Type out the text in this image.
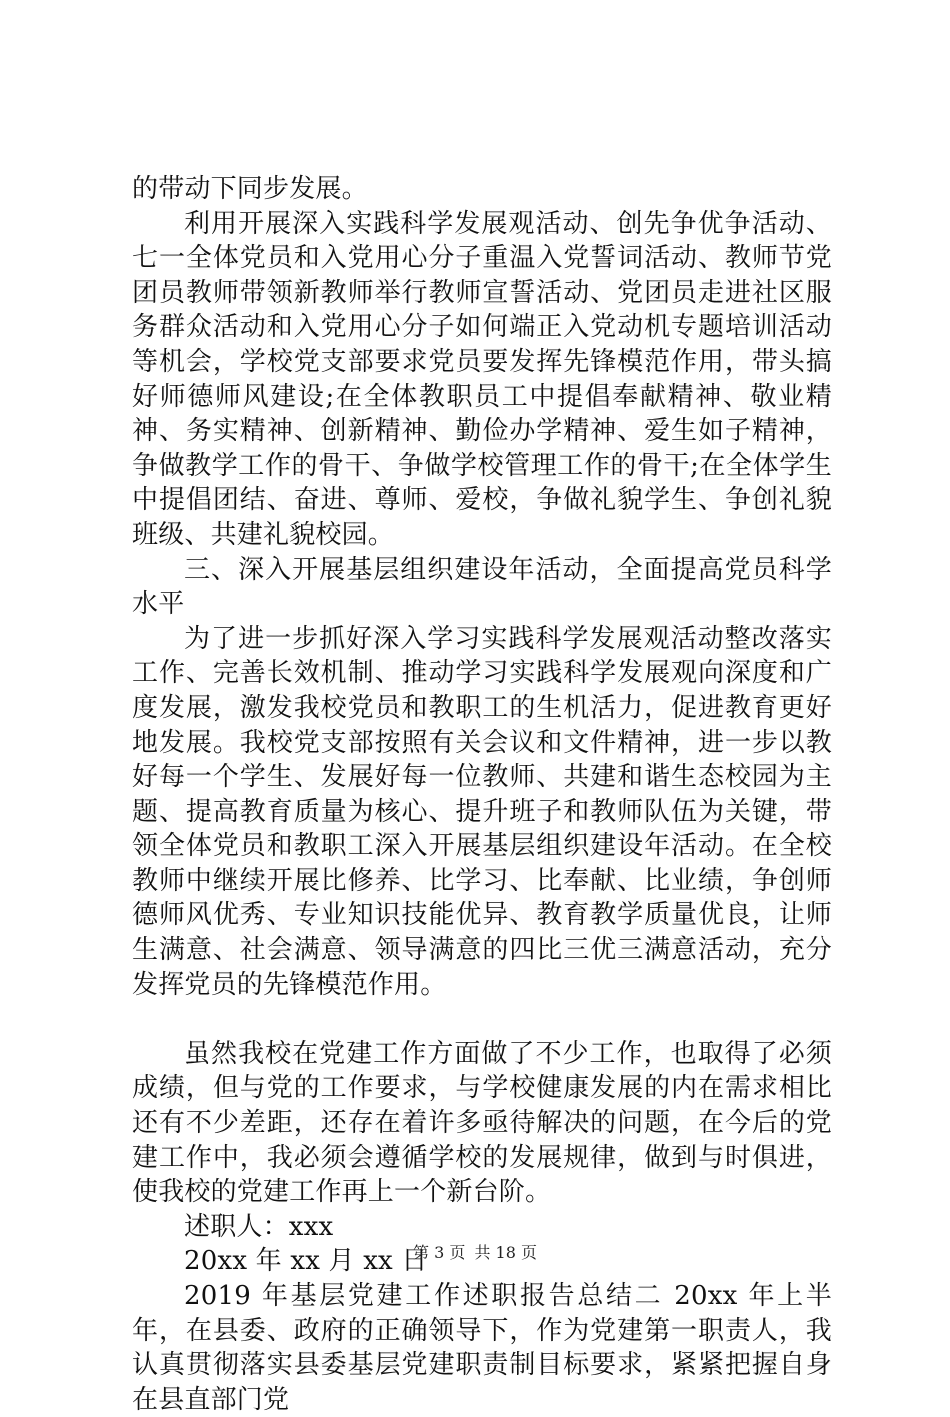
的带动下同步发展。

利用开展深入实践科学发展观活动、创先争优争活动、七一全体党员和入党用心分子重温入党誓词活动、教师节党团员教师带领新教师举行教师宣誓活动、党团员走进社区服务群众活动和入党用心分子如何端正入党动机专题培训活动等机会，学校党支部要求党员要发挥先锋模范作用，带头搞好师德师风建设;在全体教职员工中提倡奉献精神、敬业精神、务实精神、创新精神、勤俭办学精神、爱生如子精神，争做教学工作的骨干、争做学校管理工作的骨干;在全体学生中提倡团结、奋进、尊师、爱校，争做礼貌学生、争创礼貌班级、共建礼貌校园。

三、深入开展基层组织建设年活动，全面提高党员科学水平

为了进一步抓好深入学习实践科学发展观活动整改落实工作、完善长效机制、推动学习实践科学发展观向深度和广度发展，激发我校党员和教职工的生机活力，促进教育更好地发展。我校党支部按照有关会议和文件精神，进一步以教好每一个学生、发展好每一位教师、共建和谐生态校园为主题、提高教育质量为核心、提升班子和教师队伍为关键，带领全体党员和教职工深入开展基层组织建设年活动。在全校教师中继续开展比修养、比学习、比奉献、比业绩，争创师德师风优秀、专业知识技能优异、教育教学质量优良，让师生满意、社会满意、领导满意的四比三优三满意活动，充分发挥党员的先锋模范作用。

虽然我校在党建工作方面做了不少工作，也取得了必须成绩，但与党的工作要求，与学校健康发展的内在需求相比还有不少差距，还存在着许多亟待解决的问题，在今后的党建工作中，我必须会遵循学校的发展规律，做到与时俱进，使我校的党建工作再上一个新台阶。

述职人：xxx

20xx 年 xx 月 xx 日

2019 年基层党建工作述职报告总结二 20xx 年上半年，在县委、政府的正确领导下，作为党建第一职责人，我认真贯彻落实县委基层党建职责制目标要求，紧紧把握自身在县直部门党

第 3 页 共 18 页
